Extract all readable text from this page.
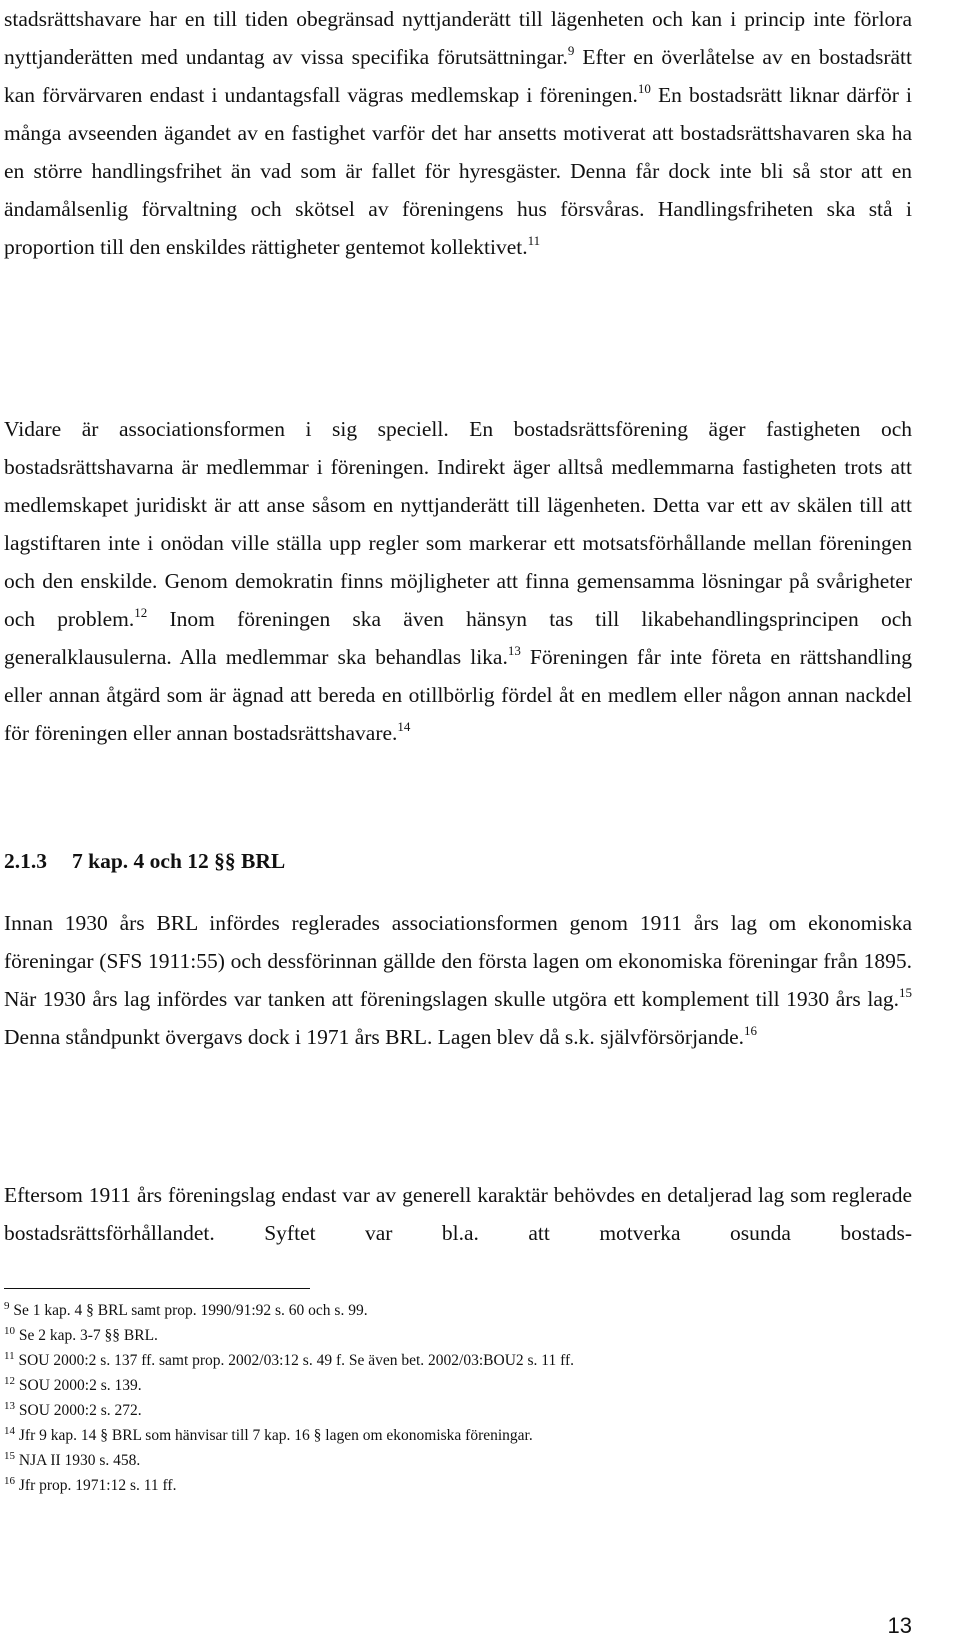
stadsrättshavare har en till tiden obegränsad nyttjanderätt till lägenheten och kan i princip inte förlora nyttjanderätten med undantag av vissa specifika förutsättningar.$^9$ Efter en överlåtelse av en bostadsrätt kan förvärvaren endast i undantagsfall vägras medlemskap i föreningen.$^{10}$ En bostadsrätt liknar därför i många avseenden ägandet av en fastighet varför det har ansetts motiverat att bostadsrättshavaren ska ha en större handlingsfrihet än vad som är fallet för hyresgäster. Denna får dock inte bli så stor att en ändamålsenlig förvaltning och skötsel av föreningens hus försvåras. Handlingsfriheten ska stå i proportion till den enskildes rättigheter gentemot kollektivet.$^{11}$

Vidare är associationsformen i sig speciell. En bostadsrättsförening äger fastigheten och bostadsrättshavarna är medlemmar i föreningen. Indirekt äger alltså medlemmarna fastigheten trots att medlemskapet juridiskt är att anse såsom en nyttjanderätt till lägenheten. Detta var ett av skälen till att lagstiftaren inte i onödan ville ställa upp regler som markerar ett motsatsförhållande mellan föreningen och den enskilde. Genom demokratin finns möjligheter att finna gemensamma lösningar på svårigheter och problem.$^{12}$ Inom föreningen ska även hänsyn tas till likabehandlingsprincipen och generalklausulerna. Alla medlemmar ska behandlas lika.$^{13}$ Föreningen får inte företa en rättshandling eller annan åtgärd som är ägnad att bereda en otillbörlig fördel åt en medlem eller någon annan nackdel för föreningen eller annan bostadsrättshavare.$^{14}$

2.1.3 7 kap. 4 och 12 §§ BRL

Innan 1930 års BRL infördes reglerades associationsformen genom 1911 års lag om ekonomiska föreningar (SFS 1911:55) och dessförinnan gällde den första lagen om ekonomiska föreningar från 1895. När 1930 års lag infördes var tanken att föreningslagen skulle utgöra ett komplement till 1930 års lag.$^{15}$ Denna ståndpunkt övergavs dock i 1971 års BRL. Lagen blev då s.k. självförsörjande.$^{16}$

Eftersom 1911 års föreningslag endast var av generell karaktär behövdes en detaljerad lag som reglerade bostadsrättsförhållandet. Syftet var bl.a. att motverka osunda bostads-

$^9$ Se 1 kap. 4 § BRL samt prop. 1990/91:92 s. 60 och s. 99.

$^{10}$ Se 2 kap. 3-7 §§ BRL.

$^{11}$ SOU 2000:2 s. 137 ff. samt prop. 2002/03:12 s. 49 f. Se även bet. 2002/03:BOU2 s. 11 ff.

$^{12}$ SOU 2000:2 s. 139.

$^{13}$ SOU 2000:2 s. 272.

$^{14}$ Jfr 9 kap. 14 § BRL som hänvisar till 7 kap. 16 § lagen om ekonomiska föreningar.

$^{15}$ NJA II 1930 s. 458.

$^{16}$ Jfr prop. 1971:12 s. 11 ff.

13
